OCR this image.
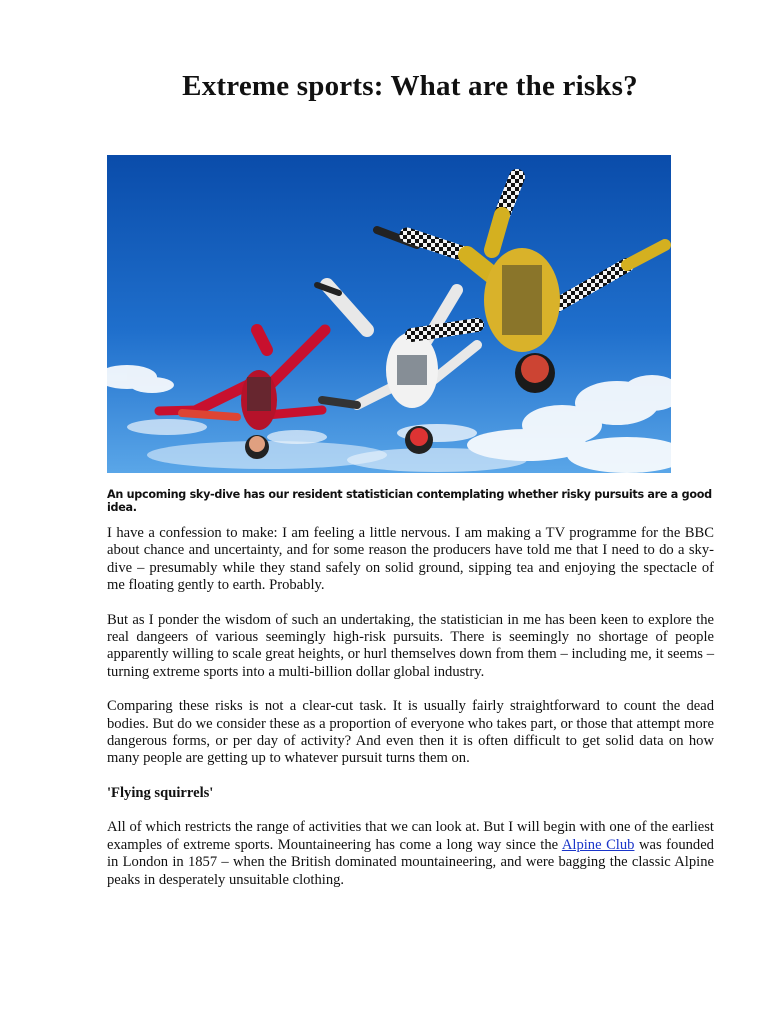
Extreme sports: What are the risks?

An upcoming sky-dive has our resident statistician contemplating whether risky pursuits are a good idea.

I have a confession to make: I am feeling a little nervous. I am making a TV programme for the BBC about chance and uncertainty, and for some reason the producers have told me that I need to do a sky-dive – presumably while they stand safely on solid ground, sipping tea and enjoying the spectacle of me floating gently to earth. Probably.

But as I ponder the wisdom of such an undertaking, the statistician in me has been keen to explore the real dangeers of various seemingly high-risk pursuits. There is seemingly no shortage of people apparently willing to scale great heights, or hurl themselves down from them – including me, it seems – turning extreme sports into a multi-billion dollar global industry.

Comparing these risks is not a clear-cut task. It is usually fairly straightforward to count the dead bodies. But do we consider these as a proportion of everyone who takes part, or those that attempt more dangerous forms, or per day of activity? And even then it is often difficult to get solid data on how many people are getting up to whatever pursuit turns them on.

'Flying squirrels'

All of which restricts the range of activities that we can look at. But I will begin with one of the earliest examples of extreme sports. Mountaineering has come a long way since the Alpine Club was founded in London in 1857 – when the British dominated mountaineering, and were bagging the classic Alpine peaks in desperately unsuitable clothing.
